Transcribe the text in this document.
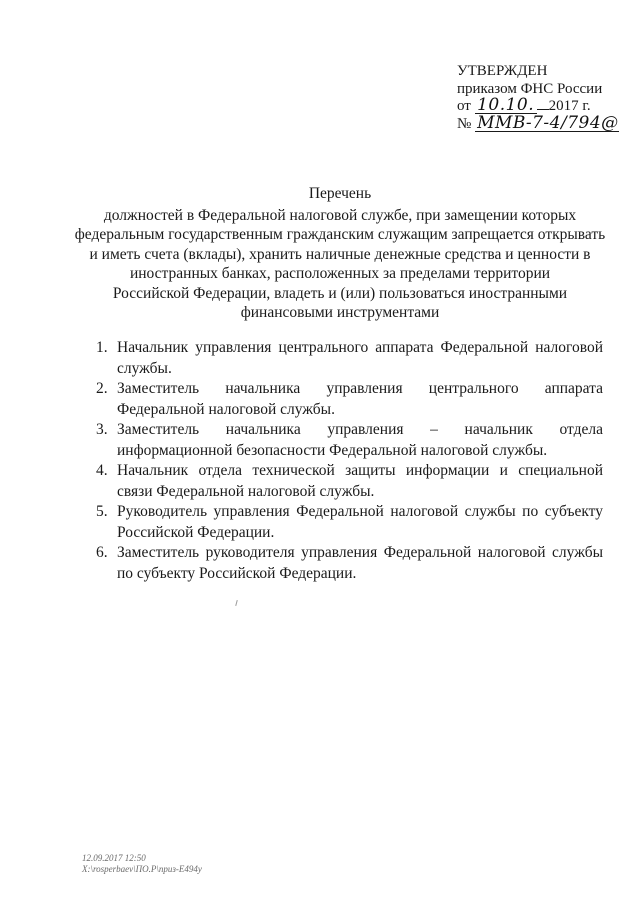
УТВЕРЖДЕН
приказом ФНС России
от 10.10. 2017 г.
№ ММВ-7-4/794@
Перечень
должностей в Федеральной налоговой службе, при замещении которых
федеральным государственным гражданским служащим запрещается открывать
и иметь счета (вклады), хранить наличные денежные средства и ценности в
иностранных банках, расположенных за пределами территории
Российской Федерации, владеть и (или) пользоваться иностранными
финансовыми инструментами
1. Начальник управления центрального аппарата Федеральной налоговой службы.
2. Заместитель начальника управления центрального аппарата Федеральной налоговой службы.
3. Заместитель начальника управления – начальник отдела информационной безопасности Федеральной налоговой службы.
4. Начальник отдела технической защиты информации и специальной связи Федеральной налоговой службы.
5. Руководитель управления Федеральной налоговой службы по субъекту Российской Федерации.
6. Заместитель руководителя управления Федеральной налоговой службы по субъекту Российской Федерации.
12.09.2017 12:50
X:\rosperbaev\ПО.P\приз-Е494у
